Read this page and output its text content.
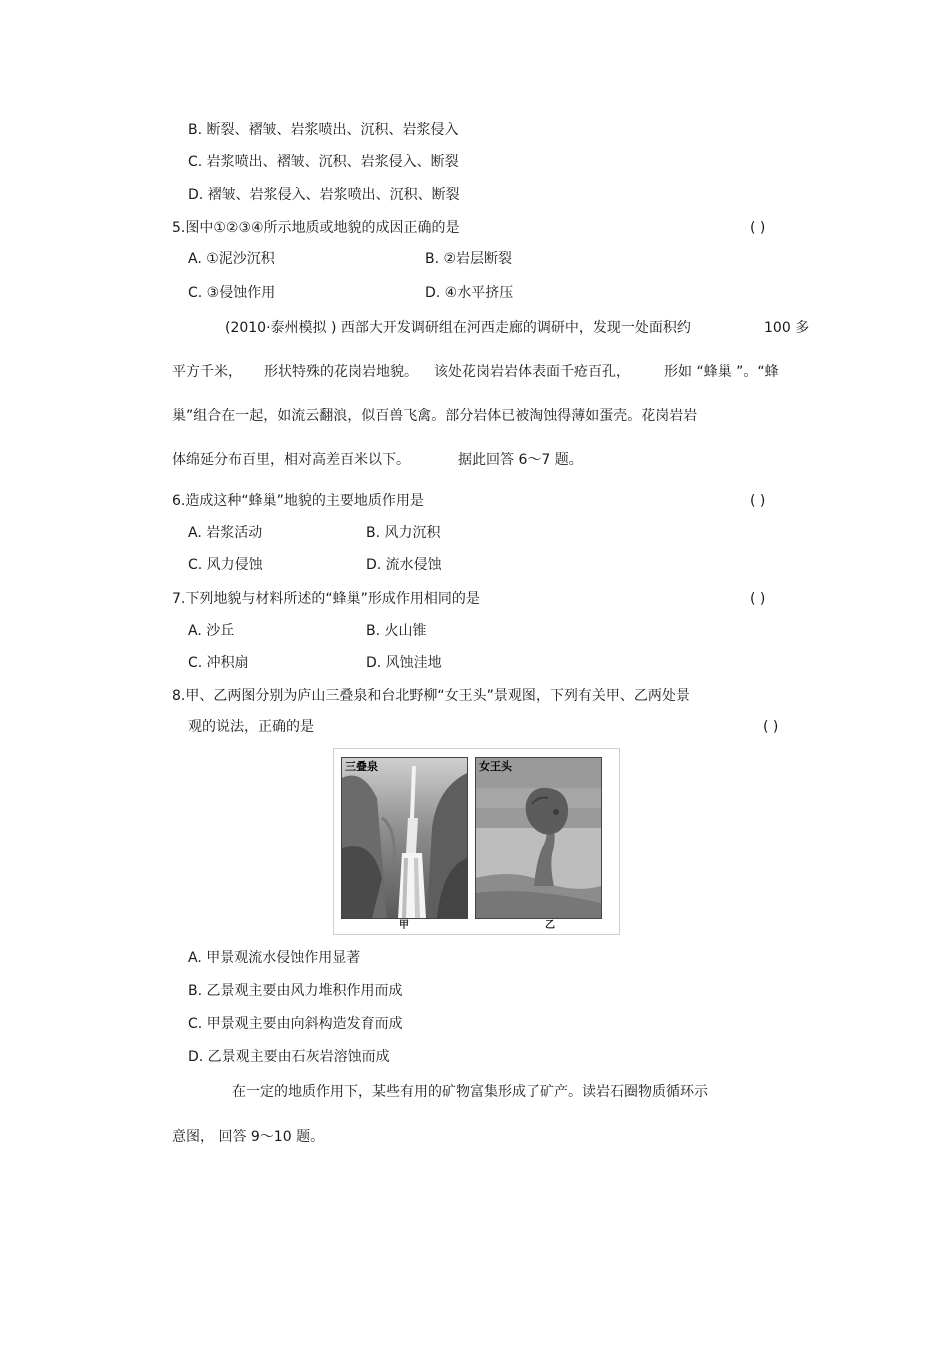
B. 断裂、褶皱、岩浆喷出、沉积、岩浆侵入
C. 岩浆喷出、褶皱、沉积、岩浆侵入、断裂
D. 褶皱、岩浆侵入、岩浆喷出、沉积、断裂
5.图中①②③④所示地质或地貌的成因正确的是	( )
A. ①泥沙沉积	B. ②岩层断裂
C. ③侵蚀作用	D. ④水平挤压
(2010·泰州模拟 ) 西部大开发调研组在河西走廊的调研中，发现一处面积约	100 多
平方千米， 形状特殊的花岗岩地貌。 该处花岗岩岩体表面千疮百孔， 形如 “蜂巢 ”。“蜂
巢”组合在一起，如流云翻浪，似百兽飞禽。部分岩体已被淘蚀得薄如蛋壳。花岗岩岩
体绵延分布百里，相对高差百米以下。	据此回答 6～7 题。
6.造成这种“蜂巢”地貌的主要地质作用是	( )
A. 岩浆活动	B. 风力沉积
C. 风力侵蚀	D. 流水侵蚀
7.下列地貌与材料所述的“蜂巢”形成作用相同的是	( )
A. 沙丘	B. 火山锥
C. 冲积扇	D. 风蚀洼地
8.甲、乙两图分别为庐山三叠泉和台北野柳“女王头”景观图，下列有关甲、乙两处景
观的说法，正确的是	( )
三叠泉	女王头
甲	乙
A. 甲景观流水侵蚀作用显著
B. 乙景观主要由风力堆积作用而成
C. 甲景观主要由向斜构造发育而成
D. 乙景观主要由石灰岩溶蚀而成
在一定的地质作用下，某些有用的矿物富集形成了矿产。读岩石圈物质循环示
意图， 回答 9～10 题。
